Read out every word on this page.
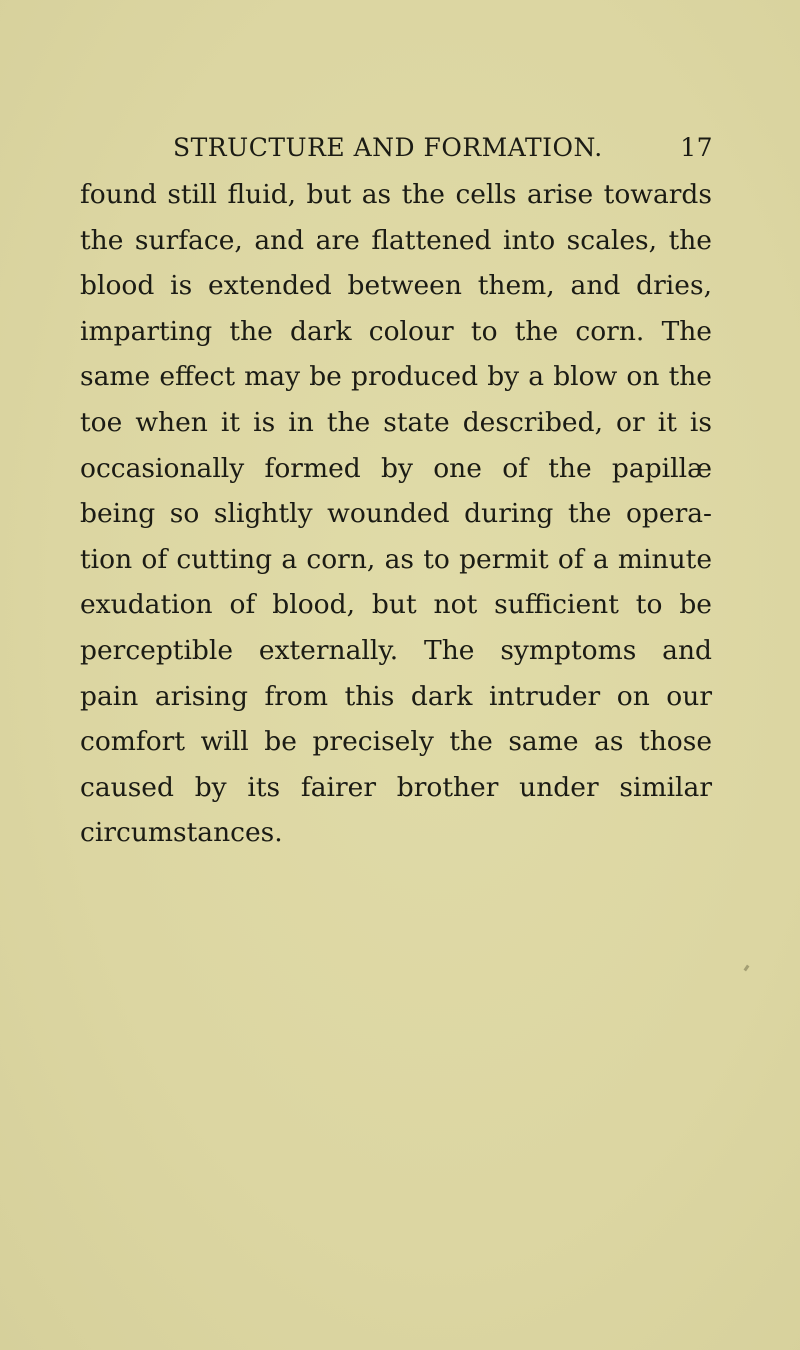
STRUCTURE AND FORMATION.	17
found still fluid, but as the cells arise towards
the surface, and are flattened into scales, the
blood is extended between them, and dries,
imparting the dark colour to the corn. The
same effect may be produced by a blow on the
toe when it is in the state described, or it is
occasionally formed by one of the papillæ
being so slightly wounded during the opera-
tion of cutting a corn, as to permit of a minute
exudation of blood, but not sufficient to be
perceptible externally. The symptoms and
pain arising from this dark intruder on our
comfort will be precisely the same as those
caused by its fairer brother under similar
circumstances.
